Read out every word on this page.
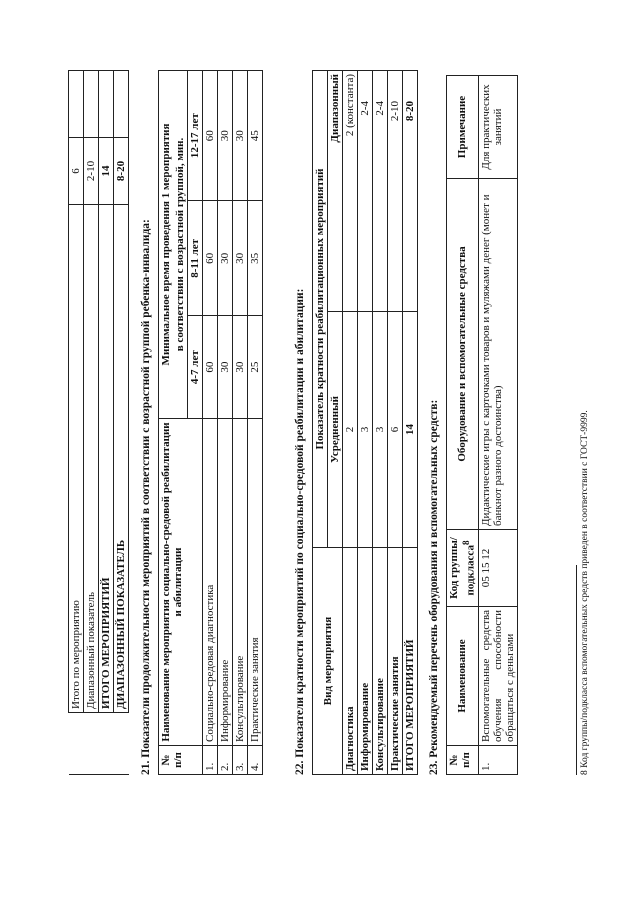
	Итого по мероприятию	6	
	Диапазонный показатель	2-10	
	ИТОГО МЕРОПРИЯТИЙ	14	
	ДИАПАЗОННЫЙ ПОКАЗАТЕЛЬ	8-20	
21. Показатели продолжительности мероприятий в соответствии с возрастной группой ребенка-инвалида: № п/п	Наименование мероприятия социально-средовой реабилитации и абилитации	Минимальное время проведения 1 мероприятия		
		в соответствии с возрастной группой, мин.		
		4-7 лет	8-11 лет	12-17 лет
1.	Социально-средовая диагностика	60	60	60
2.	Информирование	30	30	30
3.	Консультирование	30	30	30
4.	Практические занятия	25	35	45
22. Показатели кратности мероприятий по социально-средовой реабилитации и абилитации: Вид мероприятия	Показатель кратности реабилитационных мероприятий	
	Усредненный	Диапазонный
Диагностика	2	2 (константа)
Информирование	3	2-4
Консультирование	3	2-4
Практические занятия	6	2-10
ИТОГО МЕРОПРИЯТИЙ	14	8-20
23. Рекомендуемый перечень оборудования и вспомогательных средств: № п/п	Наименование	Код группы/ подкласса$^8$	Оборудование и вспомогательные средства	Примечание
1.	Вспомогательные средства обучения способности обращаться с деньгами	05 15 12	Дидактические игры с карточками товаров и муляжами денег (монет и банкнот разного достоинства)	Для практических занятий
8 Код группы/подкласса вспомогательных средств приведен в соответствии с ГОСТ-9999.
